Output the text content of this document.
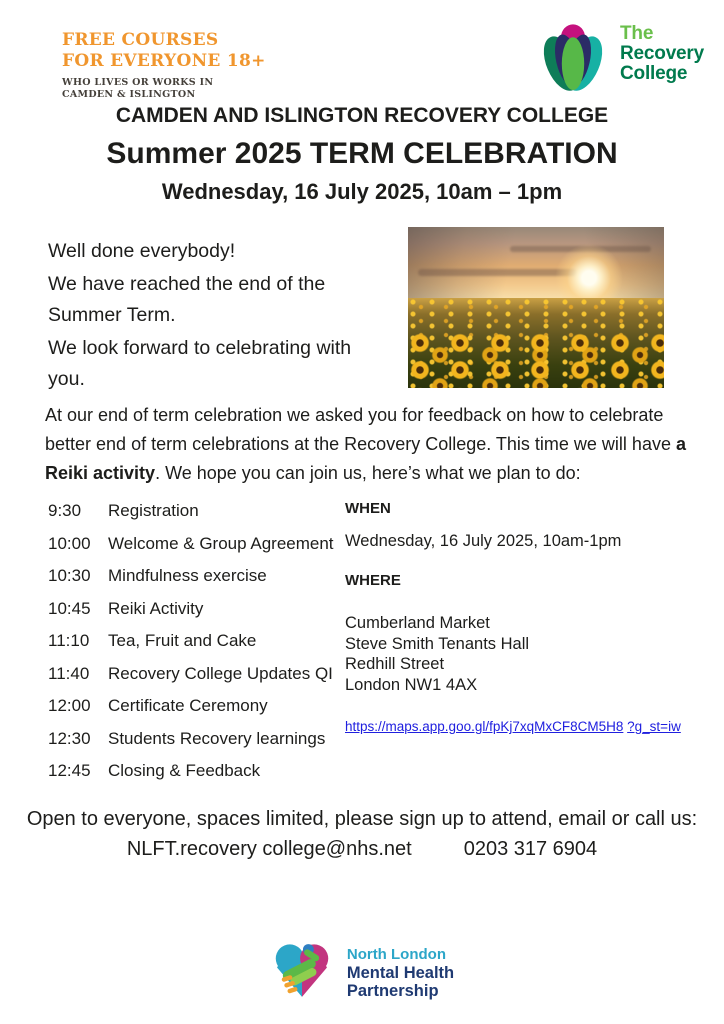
FREE COURSES
FOR EVERYONE 18+
WHO LIVES OR WORKS IN
CAMDEN & ISLINGTON
The
Recovery
College
CAMDEN AND ISLINGTON RECOVERY COLLEGE
Summer 2025 TERM CELEBRATION
Wednesday, 16 July 2025, 10am – 1pm

Well done everybody!

We have reached the end of the Summer Term.

We look forward to celebrating with you.

At our end of term celebration we asked you for feedback on how to celebrate better end of term celebrations at the Recovery College. This time we will have a Reiki activity. We hope you can join us, here’s what we plan to do:
9:30	Registration
10:00	Welcome & Group Agreement
10:30	Mindfulness exercise
10:45	Reiki Activity
11:10	Tea, Fruit and Cake
11:40	Recovery College Updates QI
12:00	Certificate Ceremony
12:30	Students Recovery learnings
12:45	Closing & Feedback
WHEN
Wednesday, 16 July 2025, 10am-1pm
WHERE
Cumberland Market
Steve Smith Tenants Hall
Redhill Street
London NW1 4AX
https://maps.app.goo.gl/fpKj7xqMxCF8CM5H8 ?g_st=iw
Open to everyone, spaces limited, please sign up to attend, email or call us:
NLFT.recovery college@nhs.net	0203 317 6904
North London
Mental Health
Partnership
